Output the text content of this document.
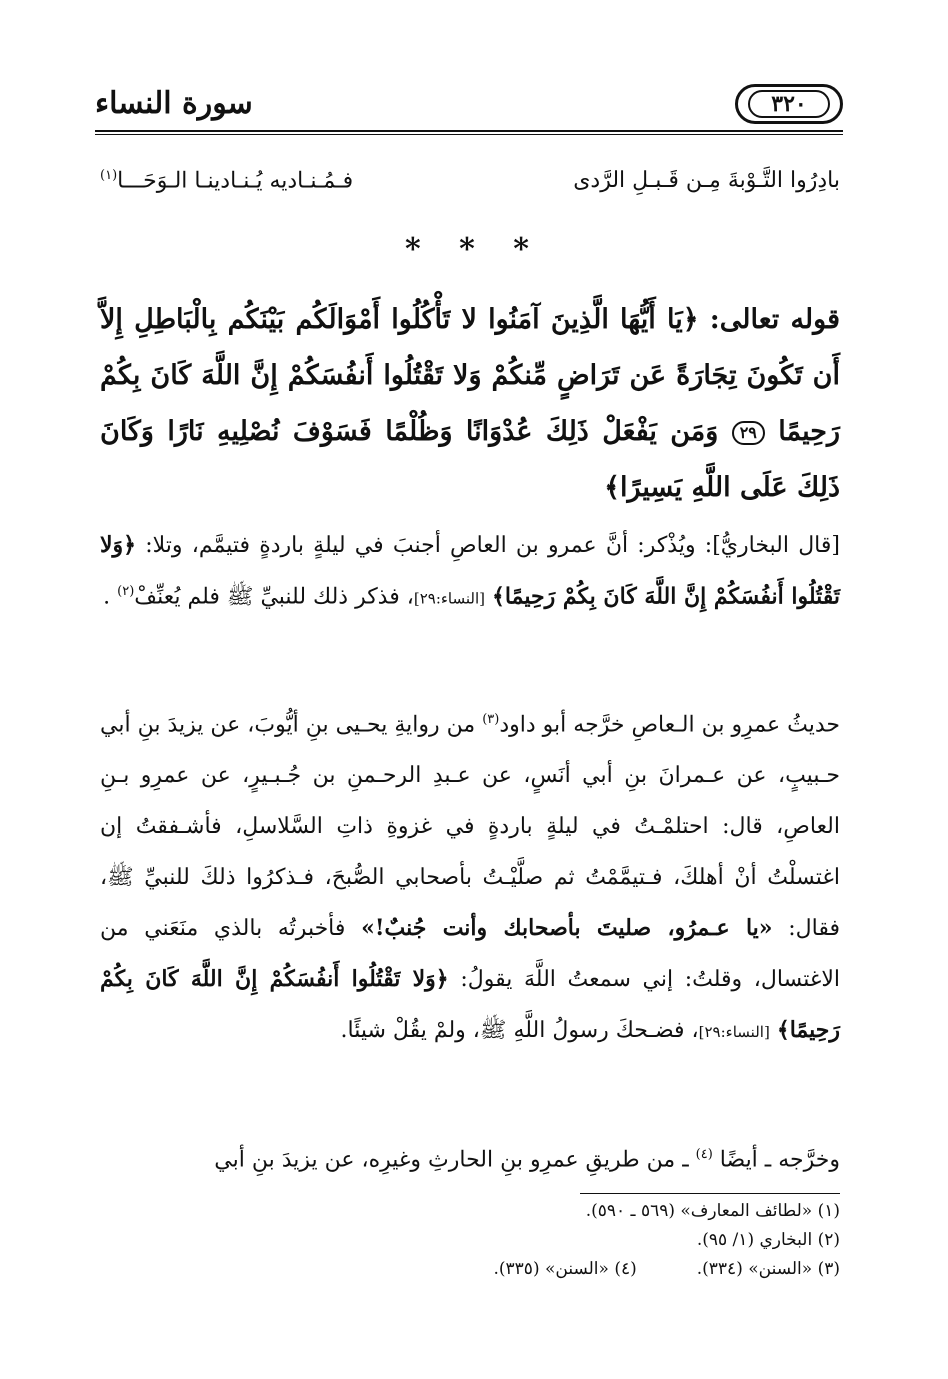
سورة النساء	٣٢٠
بادِرُوا التَّـوْبةَ مِـن قَـبـلِ الرَّدى
فـمُـنـاديه يُـنـادينـا الـوَحَـــا$^{(١)}$
* * *
قوله تعالى: ﴿يَا أَيُّهَا الَّذِينَ آمَنُوا لا تَأْكُلُوا أَمْوَالَكُم بَيْنَكُم بِالْبَاطِلِ إِلاَّ أَن تَكُونَ تِجَارَةً عَن تَرَاضٍ مِّنكُمْ وَلا تَقْتُلُوا أَنفُسَكُمْ إِنَّ اللَّهَ كَانَ بِكُمْ رَحِيمًا ٢٩ وَمَن يَفْعَلْ ذَلِكَ عُدْوَانًا وَظُلْمًا فَسَوْفَ نُصْلِيهِ نَارًا وَكَانَ ذَلِكَ عَلَى اللَّهِ يَسِيرًا﴾
[قال البخاريُّ]: ويُذْكر: أنَّ عمرو بن العاصِ أجنبَ في ليلةٍ باردةٍ فتيمَّم، وتلا: ﴿وَلا تَقْتُلُوا أَنفُسَكُمْ إِنَّ اللَّهَ كَانَ بِكُمْ رَحِيمًا﴾ [النساء:٢٩]، فذكر ذلك للنبيِّ ﷺ فلم يُعنِّفْ$^{(٢)}$ .
حديثُ عمرِو بن الـعاصِ خرَّجه أبو داود$^{(٣)}$ من روايةِ يحـيى بنِ أيُّوبَ، عن يزيدَ بنِ أبي حـبيبٍ، عن عـمرانَ بنِ أبي أنَسٍ، عن عـبدِ الرحـمنِ بن جُـبـيرٍ، عن عمرِو بـنِ العاصِ، قال: احتلمْـتُ في ليلةٍ باردةٍ في غزوةِ ذاتِ السَّلاسلِ، فأشـفقتُ إن اغتسلْتُ أنْ أهلكَ، فـتيمَّمْتُ ثم صلَّيْـتُ بأصحابي الصُّبحَ، فـذكرُوا ذلكَ للنبيِّ ﷺ، فقال: «يا عـمرُو، صليتَ بأصحابك وأنت جُنبٌ!» فأخبرتُه بالذي منَعَني من الاغتسال، وقلتُ: إني سمعتُ اللَّهَ يقولُ: ﴿وَلا تَقْتُلُوا أَنفُسَكُمْ إِنَّ اللَّهَ كَانَ بِكُمْ رَحِيمًا﴾ [النساء:٢٩]، فضـحكَ رسولُ اللَّهِ ﷺ، ولمْ يقُلْ شيئًا.
وخرَّجه ـ أيضًا $^{(٤)}$ ـ من طريقِ عمرِو بنِ الحارثِ وغيرِه، عن يزيدَ بنِ أبي
(١) «لطائف المعارف» (٥٦٩ ـ ٥٩٠).
(٢) البخاري (١/ ٩٥).
(٣) «السنن» (٣٣٤).
(٤) «السنن» (٣٣٥).
